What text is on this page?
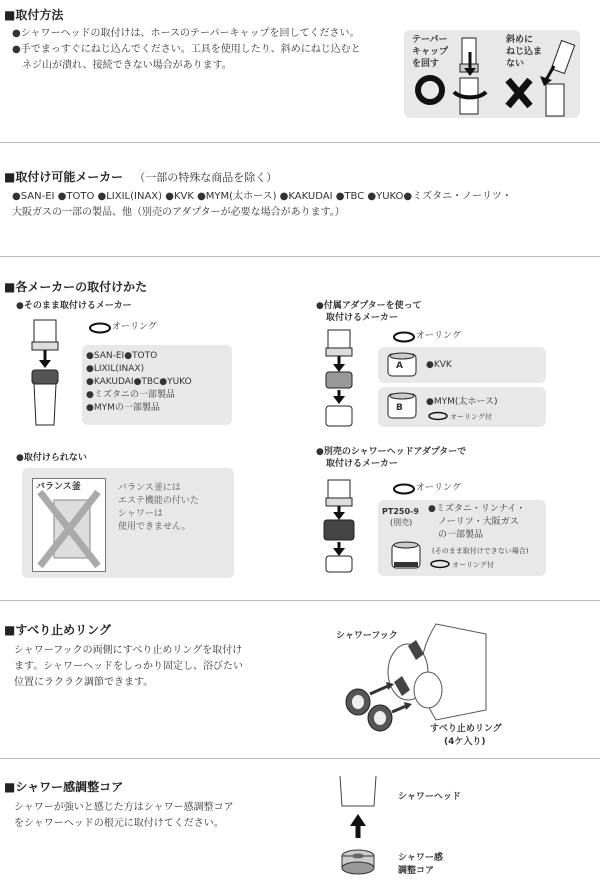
■取付方法
●シャワーヘッドの取付けは、ホースのテーパーキャップを回してください。
●手でまっすぐにねじ込んでください。工具を使用したり、斜めにねじ込むと
ネジ山が潰れ、接続できない場合があります。
テーパー
キャップ
を回す
斜めに
ねじ込ま
ない
■取付け可能メーカー （一部の特殊な商品を除く）
●SAN-EI ●TOTO ●LIXIL(INAX) ●KVK ●MYM(太ホース) ●KAKUDAI ●TBC ●YUKO●ミズタニ・ノーリツ・
大阪ガスの一部の製品、他（別売のアダプターが必要な場合があります。）
■各メーカーの取付けかた
●そのまま取付けるメーカー
オーリング
●SAN-EI●TOTO
●LIXIL(INAX)
●KAKUDAI●TBC●YUKO
●ミズタニの一部製品
●MYMの一部製品
●付属アダプターを使って
取付けるメーカー
オーリング
A	●KVK
B
●MYM(太ホース)
オーリング付
●取付けられない
バランス釜	バランス釜には
エステ機能の付いた
シャワーは
使用できません。
●別売のシャワーヘッドアダプターで
取付けるメーカー
オーリング
PT250-9
(別売)
●ミズタニ・リンナイ・
ノーリツ・大阪ガス
の一部製品
(そのまま取付けできない場合)
オーリング付
■すべり止めリング
シャワーフックの両側にすべり止めリングを取付け
ます。シャワーヘッドをしっかり固定し、浴びたい
位置にラクラク調節できます。
シャワーフック
すべり止めリング
(4ケ入り)
■シャワー感調整コア
シャワーが強いと感じた方はシャワー感調整コア
をシャワーヘッドの根元に取付けてください。
シャワーヘッド
シャワー感
調整コア
